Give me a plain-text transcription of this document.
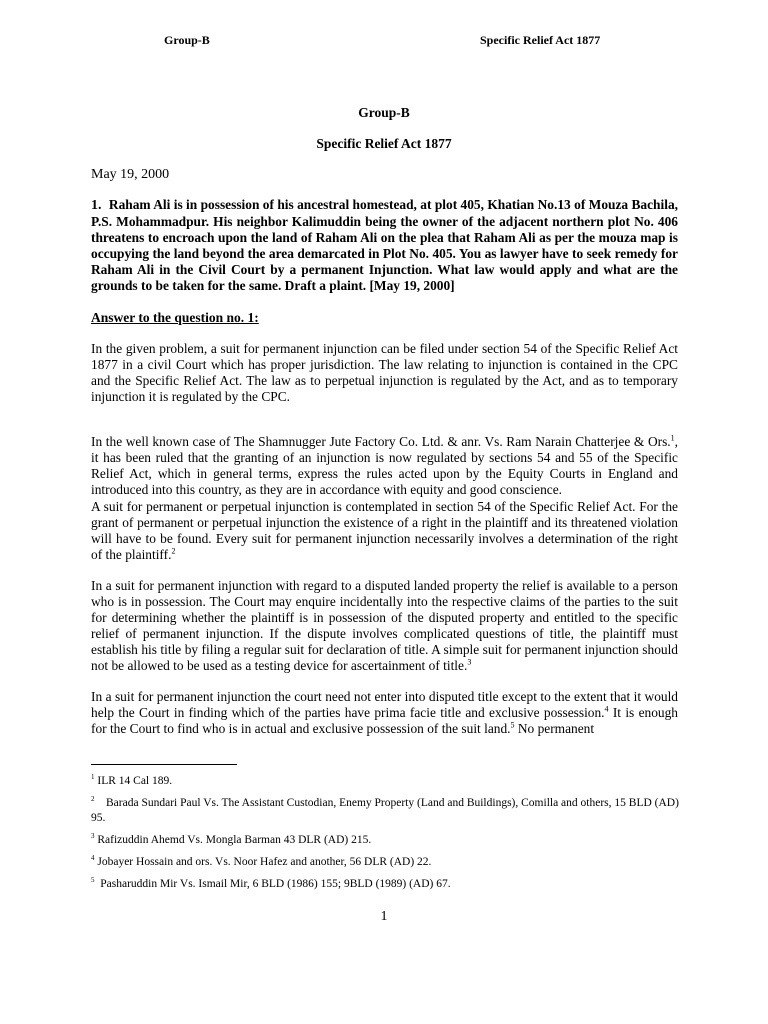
Group-B	Specific Relief Act 1877
Group-B
Specific Relief Act 1877
May 19, 2000
1. Raham Ali is in possession of his ancestral homestead, at plot 405, Khatian No.13 of Mouza Bachila, P.S. Mohammadpur. His neighbor Kalimuddin being the owner of the adjacent northern plot No. 406 threatens to encroach upon the land of Raham Ali on the plea that Raham Ali as per the mouza map is occupying the land beyond the area demarcated in Plot No. 405. You as lawyer have to seek remedy for Raham Ali in the Civil Court by a permanent Injunction. What law would apply and what are the grounds to be taken for the same. Draft a plaint. [May 19, 2000]
Answer to the question no. 1:
In the given problem, a suit for permanent injunction can be filed under section 54 of the Specific Relief Act 1877 in a civil Court which has proper jurisdiction. The law relating to injunction is contained in the CPC and the Specific Relief Act. The law as to perpetual injunction is regulated by the Act, and as to temporary injunction it is regulated by the CPC.
In the well known case of The Shamnugger Jute Factory Co. Ltd. & anr. Vs. Ram Narain Chatterjee & Ors.$^1$, it has been ruled that the granting of an injunction is now regulated by sections 54 and 55 of the Specific Relief Act, which in general terms, express the rules acted upon by the Equity Courts in England and introduced into this country, as they are in accordance with equity and good conscience.
A suit for permanent or perpetual injunction is contemplated in section 54 of the Specific Relief Act. For the grant of permanent or perpetual injunction the existence of a right in the plaintiff and its threatened violation will have to be found. Every suit for permanent injunction necessarily involves a determination of the right of the plaintiff.$^2$
In a suit for permanent injunction with regard to a disputed landed property the relief is available to a person who is in possession. The Court may enquire incidentally into the respective claims of the parties to the suit for determining whether the plaintiff is in possession of the disputed property and entitled to the specific relief of permanent injunction. If the dispute involves complicated questions of title, the plaintiff must establish his title by filing a regular suit for declaration of title. A simple suit for permanent injunction should not be allowed to be used as a testing device for ascertainment of title.$^3$
In a suit for permanent injunction the court need not enter into disputed title except to the extent that it would help the Court in finding which of the parties have prima facie title and exclusive possession.$^4$ It is enough for the Court to find who is in actual and exclusive possession of the suit land.$^5$ No permanent
$^1$ ILR 14 Cal 189.
$^2$ Barada Sundari Paul Vs. The Assistant Custodian, Enemy Property (Land and Buildings), Comilla and others, 15 BLD (AD) 95.
$^3$ Rafizuddin Ahemd Vs. Mongla Barman 43 DLR (AD) 215.
$^4$ Jobayer Hossain and ors. Vs. Noor Hafez and another, 56 DLR (AD) 22.
$^5$ Pasharuddin Mir Vs. Ismail Mir, 6 BLD (1986) 155; 9BLD (1989) (AD) 67.
1
